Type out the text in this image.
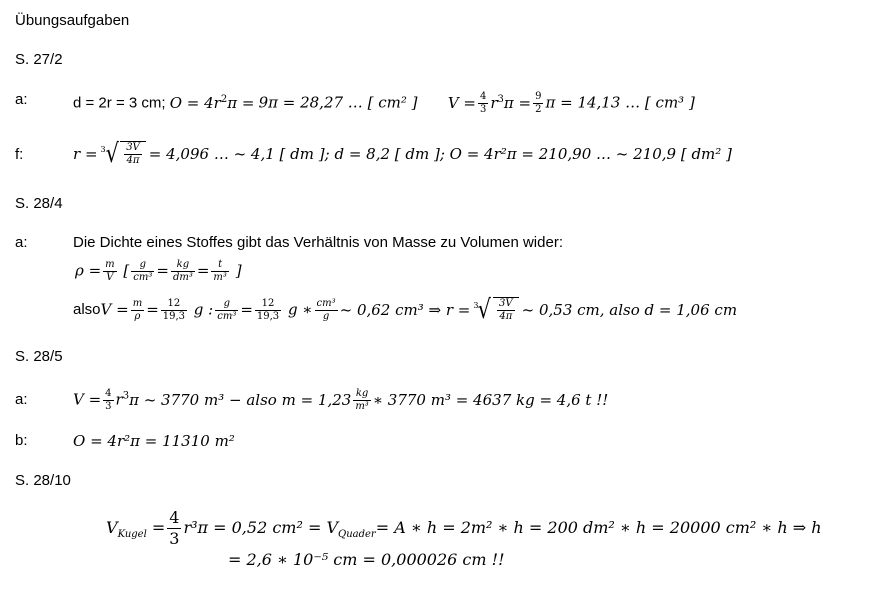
Übungsaufgaben
S. 27/2
a:	d = 2r = 3 cm; $O = 4r^2\pi = 9\pi = 28,27$ … [ cm² ] $V = \frac{4}{3} r^3\pi = \frac{9}{2}$ π = 14,13 … [ cm³ ]
f:	r = 3 √ $\frac{3V}{4\pi} = 4,096$ … ~ 4,1 [ dm ]; d = 8,2 [ dm ]; O = 4r²π = 210,90 … ~ 210,9 [ dm² ]
S. 28/4
a:	Die Dichte eines Stoffes gibt das Verhältnis von Masse zu Volumen wider:
$\rho = \frac{m}{V}$ [ $\frac{g}{\text{cm³}} = \frac{kg}{\text{dm³}} = \frac{t}{\text{m³}}$ ]
also $V = \frac{m}{\rho} = \frac{12}{19,3}$ g : $\frac{g}{\text{cm³}} = \frac{12}{19,3}$ g ∗ $\frac{\text{cm³}}{g}$ ~ 0,62 cm³ ⇒ r = 3 √ $\frac{3V}{4\pi}$ ~ 0,53 cm, also d = 1,06 cm
S. 28/5
a:	$V = \frac{4}{3} r^3$ π ~ 3770 m³ − also $m = 1,23 \frac{kg}{\text{m³}}$ ∗ 3770 m³ = 4637 kg = 4,6 t !!
b:	O = 4r²π = 11310 m²
S. 28/10
$V_{Kugel} = \frac{4}{3} r^3\pi = 0,52$ cm² = V $_{Quader}$ = A ∗ h = 2m² ∗ h = 200 dm² ∗ h = 20000 cm² ∗ h ⇒ h
= 2,6 ∗ 10⁻⁵ cm = 0,000026 cm !!
